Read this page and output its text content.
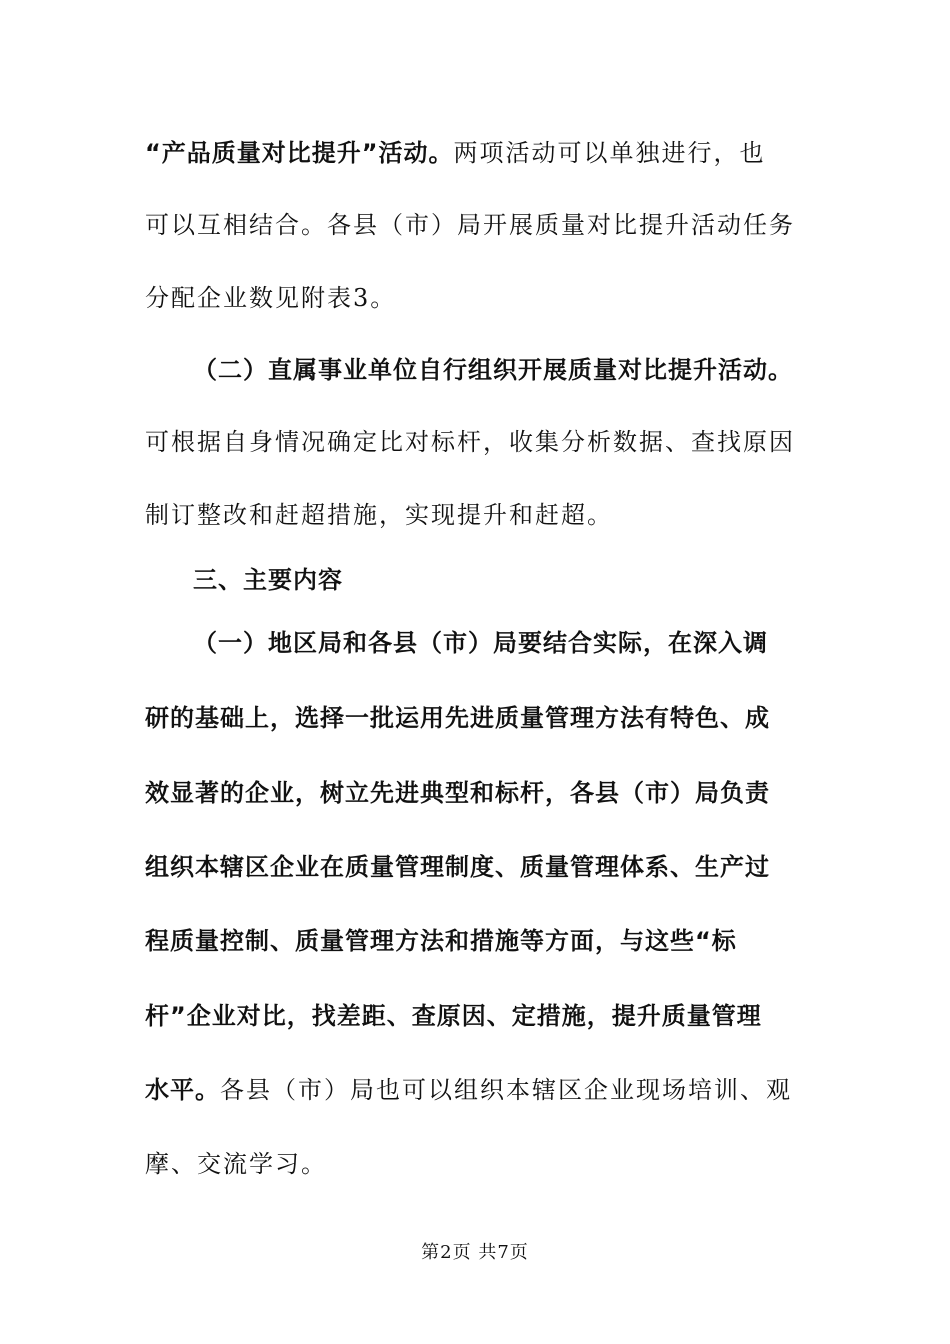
“产品质量对比提升”活动。两项活动可以单独进行，也
可以互相结合。各县（市）局开展质量对比提升活动任务
分配企业数见附表3。
（二）直属事业单位自行组织开展质量对比提升活动。
可根据自身情况确定比对标杆，收集分析数据、查找原因
制订整改和赶超措施，实现提升和赶超。
三、主要内容
（一）地区局和各县（市）局要结合实际，在深入调
研的基础上，选择一批运用先进质量管理方法有特色、成
效显著的企业，树立先进典型和标杆，各县（市）局负责
组织本辖区企业在质量管理制度、质量管理体系、生产过
程质量控制、质量管理方法和措施等方面，与这些“标
杆”企业对比，找差距、查原因、定措施，提升质量管理
水平。各县（市）局也可以组织本辖区企业现场培训、观
摩、交流学习。
第2页 共7页
